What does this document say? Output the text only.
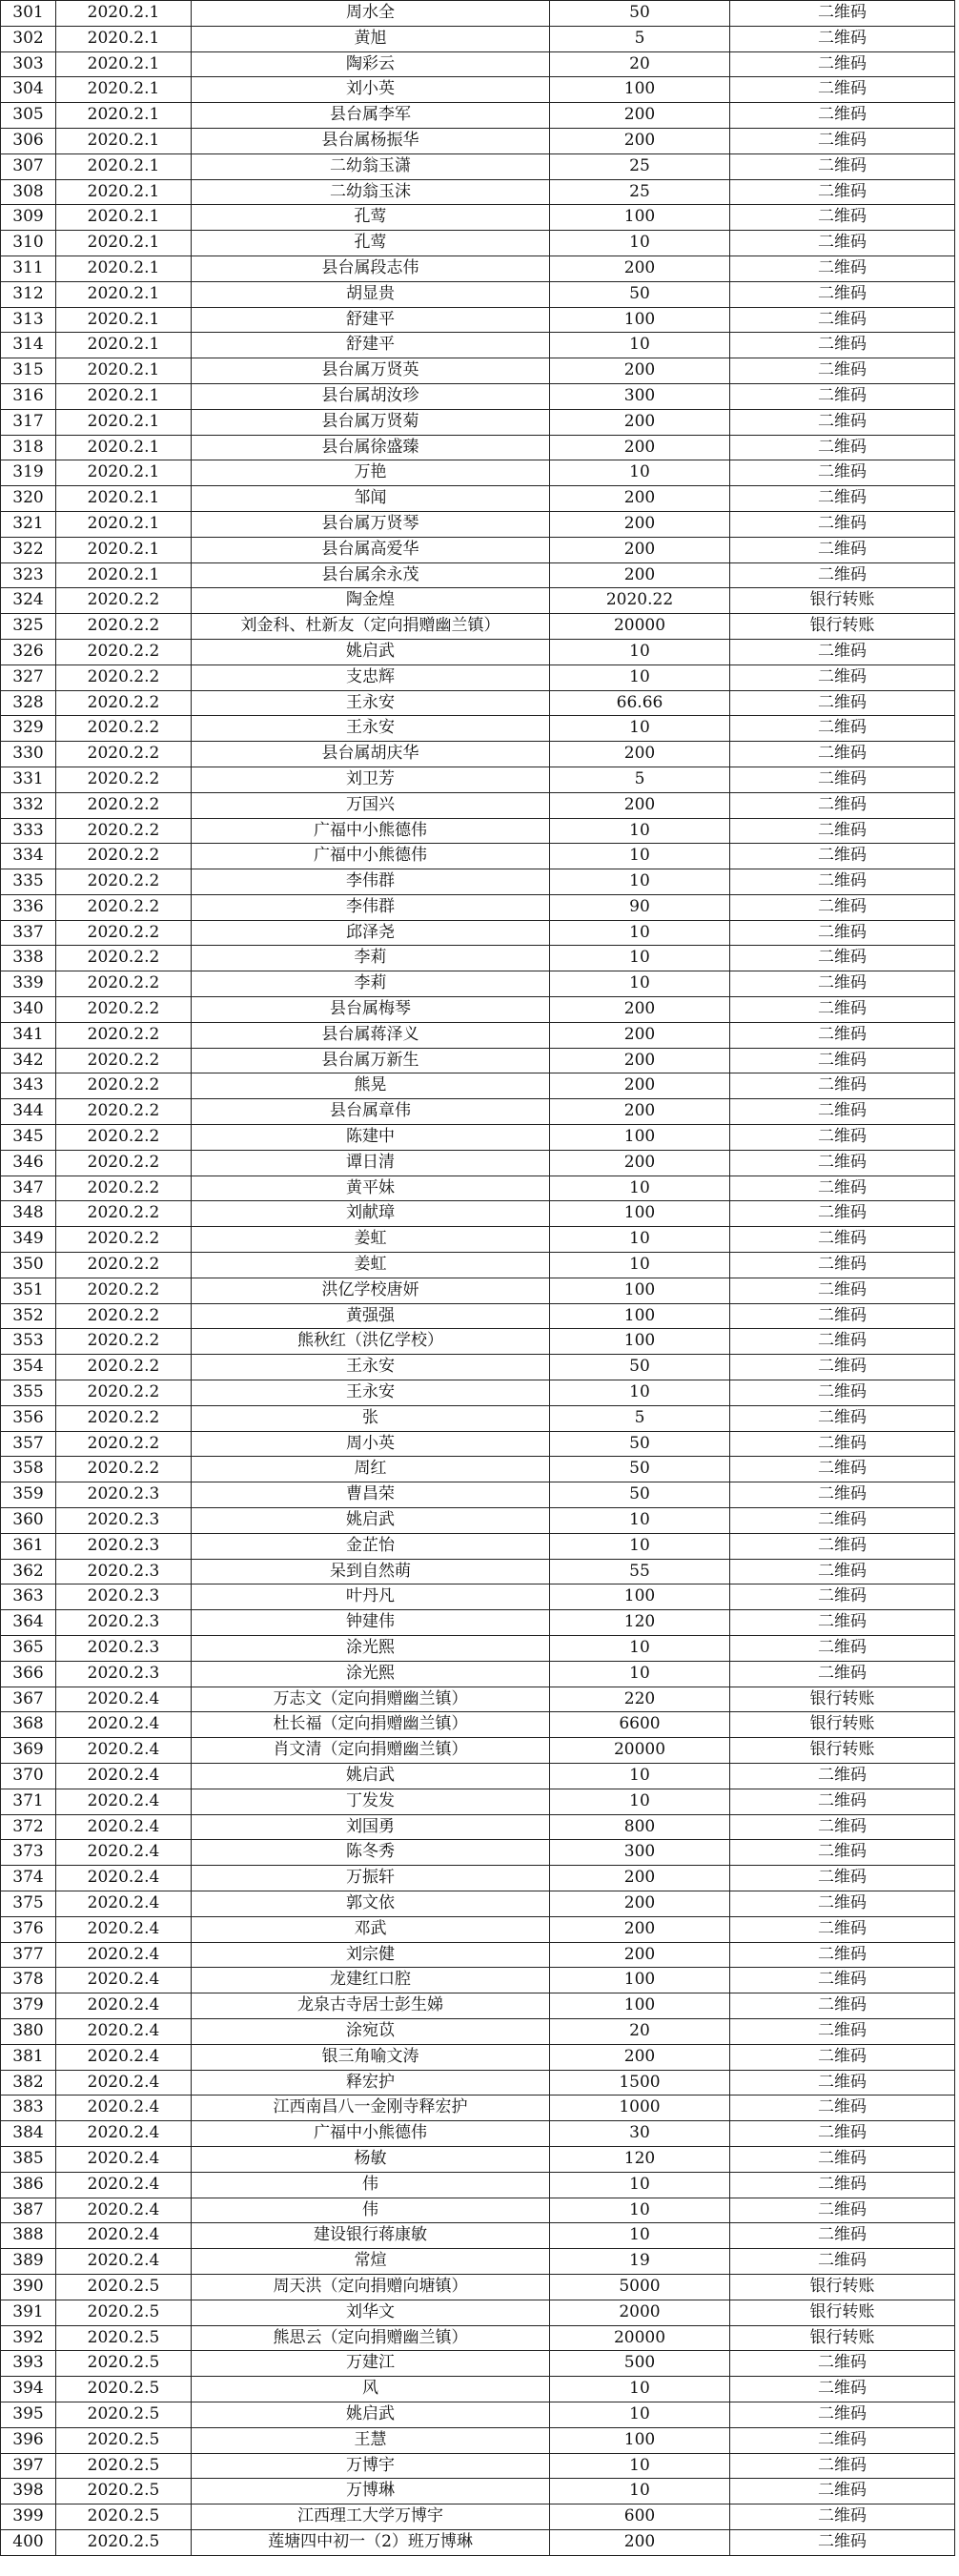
301	2020.2.1	周水全	50	二维码
302	2020.2.1	黄旭	5	二维码
303	2020.2.1	陶彩云	20	二维码
304	2020.2.1	刘小英	100	二维码
305	2020.2.1	县台属李军	200	二维码
306	2020.2.1	县台属杨振华	200	二维码
307	2020.2.1	二幼翁玉潇	25	二维码
308	2020.2.1	二幼翁玉沫	25	二维码
309	2020.2.1	孔莺	100	二维码
310	2020.2.1	孔莺	10	二维码
311	2020.2.1	县台属段志伟	200	二维码
312	2020.2.1	胡显贵	50	二维码
313	2020.2.1	舒建平	100	二维码
314	2020.2.1	舒建平	10	二维码
315	2020.2.1	县台属万贤英	200	二维码
316	2020.2.1	县台属胡汝珍	300	二维码
317	2020.2.1	县台属万贤菊	200	二维码
318	2020.2.1	县台属徐盛臻	200	二维码
319	2020.2.1	万艳	10	二维码
320	2020.2.1	邹闻	200	二维码
321	2020.2.1	县台属万贤琴	200	二维码
322	2020.2.1	县台属高爱华	200	二维码
323	2020.2.1	县台属余永茂	200	二维码
324	2020.2.2	陶金煌	2020.22	银行转账
325	2020.2.2	刘金科、杜新友（定向捐赠幽兰镇）	20000	银行转账
326	2020.2.2	姚启武	10	二维码
327	2020.2.2	支忠辉	10	二维码
328	2020.2.2	王永安	66.66	二维码
329	2020.2.2	王永安	10	二维码
330	2020.2.2	县台属胡庆华	200	二维码
331	2020.2.2	刘卫芳	5	二维码
332	2020.2.2	万国兴	200	二维码
333	2020.2.2	广福中小熊德伟	10	二维码
334	2020.2.2	广福中小熊德伟	10	二维码
335	2020.2.2	李伟群	10	二维码
336	2020.2.2	李伟群	90	二维码
337	2020.2.2	邱泽尧	10	二维码
338	2020.2.2	李莉	10	二维码
339	2020.2.2	李莉	10	二维码
340	2020.2.2	县台属梅琴	200	二维码
341	2020.2.2	县台属蒋泽义	200	二维码
342	2020.2.2	县台属万新生	200	二维码
343	2020.2.2	熊晃	200	二维码
344	2020.2.2	县台属章伟	200	二维码
345	2020.2.2	陈建中	100	二维码
346	2020.2.2	谭日清	200	二维码
347	2020.2.2	黄平妹	10	二维码
348	2020.2.2	刘献璋	100	二维码
349	2020.2.2	姜虹	10	二维码
350	2020.2.2	姜虹	10	二维码
351	2020.2.2	洪亿学校唐妍	100	二维码
352	2020.2.2	黄强强	100	二维码
353	2020.2.2	熊秋红（洪亿学校）	100	二维码
354	2020.2.2	王永安	50	二维码
355	2020.2.2	王永安	10	二维码
356	2020.2.2	张	5	二维码
357	2020.2.2	周小英	50	二维码
358	2020.2.2	周红	50	二维码
359	2020.2.3	曹昌荣	50	二维码
360	2020.2.3	姚启武	10	二维码
361	2020.2.3	金芷怡	10	二维码
362	2020.2.3	呆到自然萌	55	二维码
363	2020.2.3	叶丹凡	100	二维码
364	2020.2.3	钟建伟	120	二维码
365	2020.2.3	涂光熙	10	二维码
366	2020.2.3	涂光熙	10	二维码
367	2020.2.4	万志文（定向捐赠幽兰镇）	220	银行转账
368	2020.2.4	杜长福（定向捐赠幽兰镇）	6600	银行转账
369	2020.2.4	肖文清（定向捐赠幽兰镇）	20000	银行转账
370	2020.2.4	姚启武	10	二维码
371	2020.2.4	丁发发	10	二维码
372	2020.2.4	刘国勇	800	二维码
373	2020.2.4	陈冬秀	300	二维码
374	2020.2.4	万振轩	200	二维码
375	2020.2.4	郭文依	200	二维码
376	2020.2.4	邓武	200	二维码
377	2020.2.4	刘宗健	200	二维码
378	2020.2.4	龙建红口腔	100	二维码
379	2020.2.4	龙泉古寺居士彭生娣	100	二维码
380	2020.2.4	涂宛苡	20	二维码
381	2020.2.4	银三角喻文涛	200	二维码
382	2020.2.4	释宏护	1500	二维码
383	2020.2.4	江西南昌八一金刚寺释宏护	1000	二维码
384	2020.2.4	广福中小熊德伟	30	二维码
385	2020.2.4	杨敏	120	二维码
386	2020.2.4	伟	10	二维码
387	2020.2.4	伟	10	二维码
388	2020.2.4	建设银行蒋康敏	10	二维码
389	2020.2.4	常煊	19	二维码
390	2020.2.5	周天洪（定向捐赠向塘镇）	5000	银行转账
391	2020.2.5	刘华文	2000	银行转账
392	2020.2.5	熊思云（定向捐赠幽兰镇）	20000	银行转账
393	2020.2.5	万建江	500	二维码
394	2020.2.5	风	10	二维码
395	2020.2.5	姚启武	10	二维码
396	2020.2.5	王慧	100	二维码
397	2020.2.5	万博宇	10	二维码
398	2020.2.5	万博琳	10	二维码
399	2020.2.5	江西理工大学万博宇	600	二维码
400	2020.2.5	莲塘四中初一（2）班万博琳	200	二维码
